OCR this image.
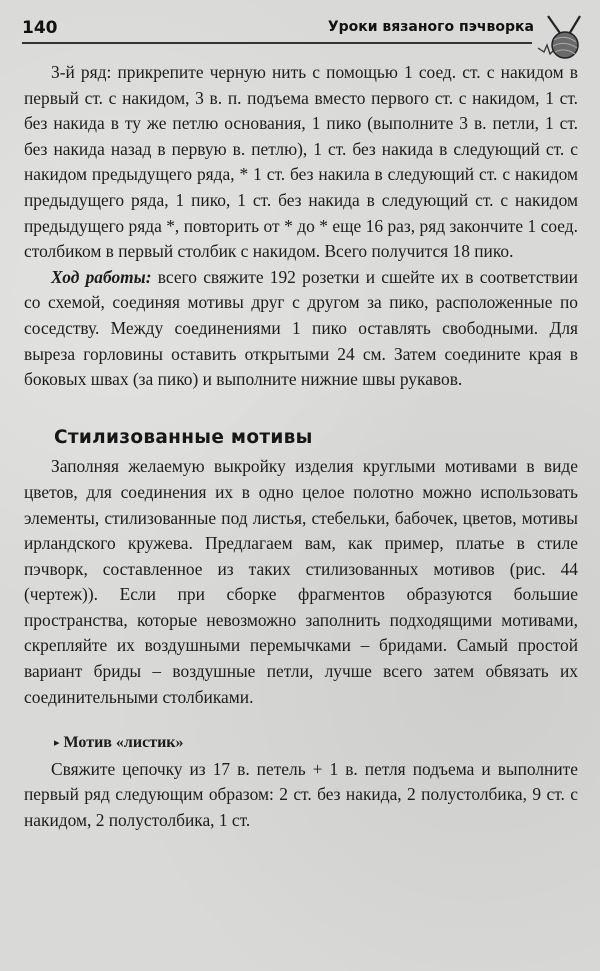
140	Уроки вязаного пэчворка

3-й ряд: прикрепите черную нить с помощью 1 соед. ст. с накидом в первый ст. с накидом, 3 в. п. подъема вместо первого ст. с накидом, 1 ст. без накида в ту же петлю основания, 1 пико (выполните 3 в. петли, 1 ст. без накида назад в первую в. петлю), 1 ст. без накида в следующий ст. с накидом предыдущего ряда, * 1 ст. без накила в следующий ст. с накидом предыдущего ряда, 1 пико, 1 ст. без накида в следующий ст. с накидом предыдущего ряда *, повторить от * до * еще 16 раз, ряд закончите 1 соед. столбиком в первый столбик с накидом. Всего получится 18 пико.

Ход работы: всего свяжите 192 розетки и сшейте их в соответствии со схемой, соединяя мотивы друг с другом за пико, расположенные по соседству. Между соединениями 1 пико оставлять свободными. Для выреза горловины оставить открытыми 24 см. Затем соедините края в боковых швах (за пико) и выполните нижние швы рукавов.

Стилизованные мотивы

Заполняя желаемую выкройку изделия круглыми мотивами в виде цветов, для соединения их в одно целое полотно можно использовать элементы, стилизованные под листья, стебельки, бабочек, цветов, мотивы ирландского кружева. Предлагаем вам, как пример, платье в стиле пэчворк, составленное из таких стилизованных мотивов (рис. 44 (чертеж)). Если при сборке фрагментов образуются большие пространства, которые невозможно заполнить подходящими мотивами, скрепляйте их воздушными перемычками – бридами. Самый простой вариант бриды – воздушные петли, лучше всего затем обвязать их соединительными столбиками.

▸ Мотив «листик»

Свяжите цепочку из 17 в. петель + 1 в. петля подъема и выполните первый ряд следующим образом: 2 ст. без накида, 2 полустолбика, 9 ст. с накидом, 2 полустолбика, 1 ст.
